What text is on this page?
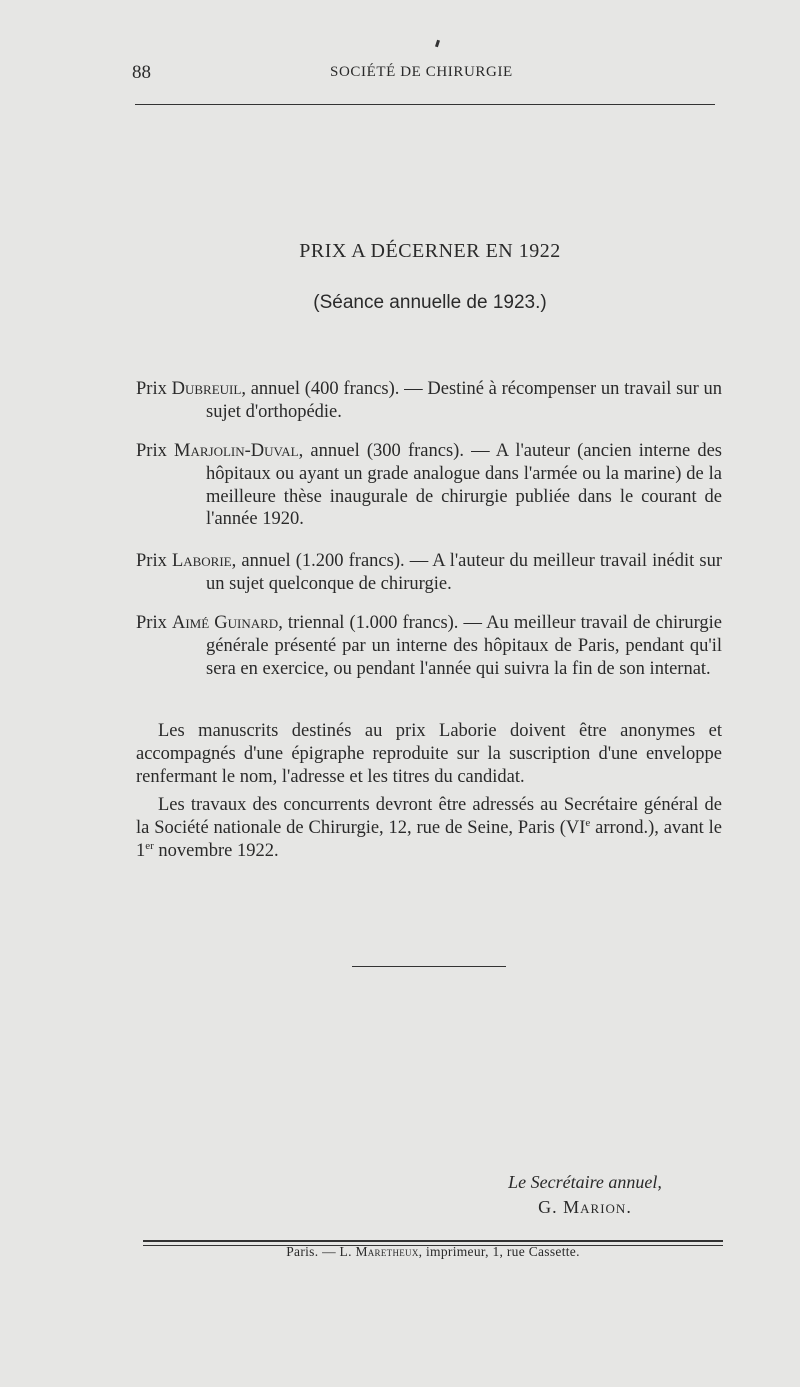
88	SOCIÉTÉ DE CHIRURGIE
PRIX A DÉCERNER EN 1922
(Séance annuelle de 1923.)
Prix Dubreuil, annuel (400 francs). — Destiné à récompenser un travail sur un sujet d'orthopédie.
Prix Marjolin-Duval, annuel (300 francs). — A l'auteur (ancien interne des hôpitaux ou ayant un grade analogue dans l'armée ou la marine) de la meilleure thèse inaugurale de chirurgie publiée dans le courant de l'année 1920.
Prix Laborie, annuel (1.200 francs). — A l'auteur du meilleur travail inédit sur un sujet quelconque de chirurgie.
Prix Aimé Guinard, triennal (1.000 francs). — Au meilleur travail de chirurgie générale présenté par un interne des hôpitaux de Paris, pendant qu'il sera en exercice, ou pendant l'année qui suivra la fin de son internat.
Les manuscrits destinés au prix Laborie doivent être anonymes et accompagnés d'une épigraphe reproduite sur la suscription d'une enveloppe renfermant le nom, l'adresse et les titres du candidat.
Les travaux des concurrents devront être adressés au Secrétaire général de la Société nationale de Chirurgie, 12, rue de Seine, Paris (VIe arrond.), avant le 1er novembre 1922.
Le Secrétaire annuel,
G. Marion.
Paris. — L. Maretheux, imprimeur, 1, rue Cassette.
